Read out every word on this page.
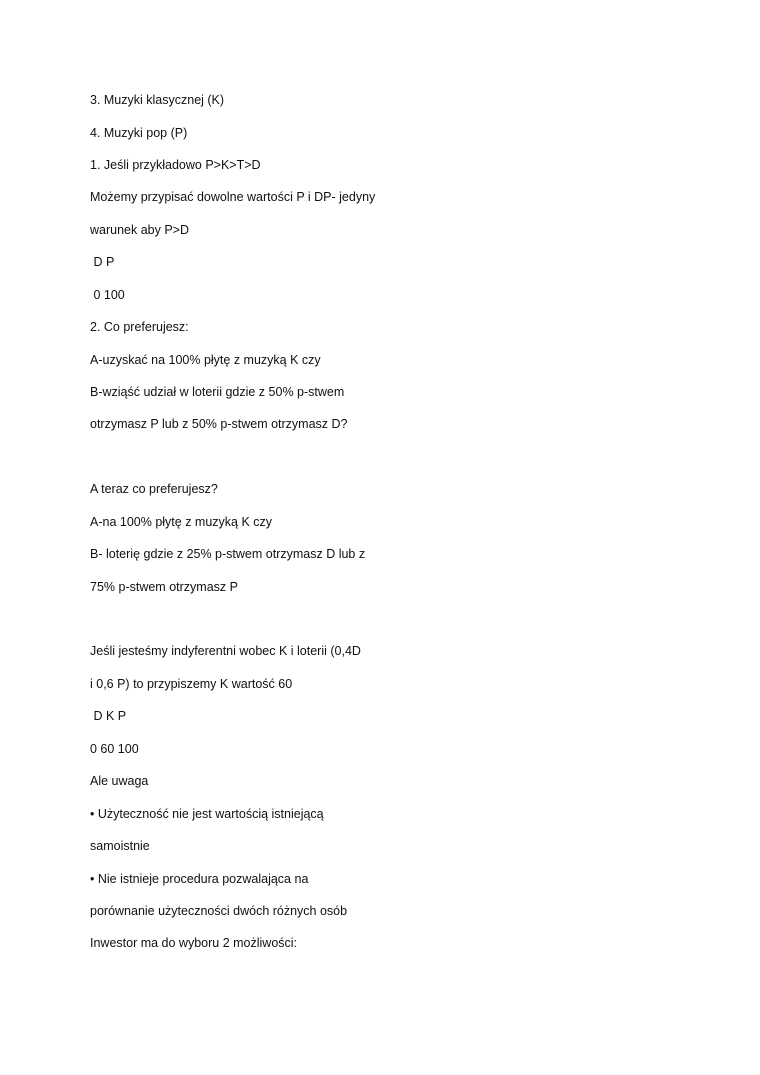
3. Muzyki klasycznej (K)

4. Muzyki pop (P)

1. Jeśli przykładowo P>K>T>D

Możemy przypisać dowolne wartości P i DP- jedyny

warunek aby P>D

D P

0 100

2. Co preferujesz:

A-uzyskać na 100% płytę z muzyką K czy

B-wziąść udział w loterii gdzie z 50% p-stwem

otrzymasz P lub z 50% p-stwem otrzymasz D?

A teraz co preferujesz?

A-na 100% płytę z muzyką K czy

B- loterię gdzie z 25% p-stwem otrzymasz D lub z

75% p-stwem otrzymasz P

Jeśli jesteśmy indyferentni wobec K i loterii (0,4D

i 0,6 P) to przypiszemy K wartość 60

D K P

0 60 100

Ale uwaga

• Użyteczność nie jest wartością istniejącą

samoistnie

• Nie istnieje procedura pozwalająca na

porównanie użyteczności dwóch różnych osób

Inwestor ma do wyboru 2 możliwości:
